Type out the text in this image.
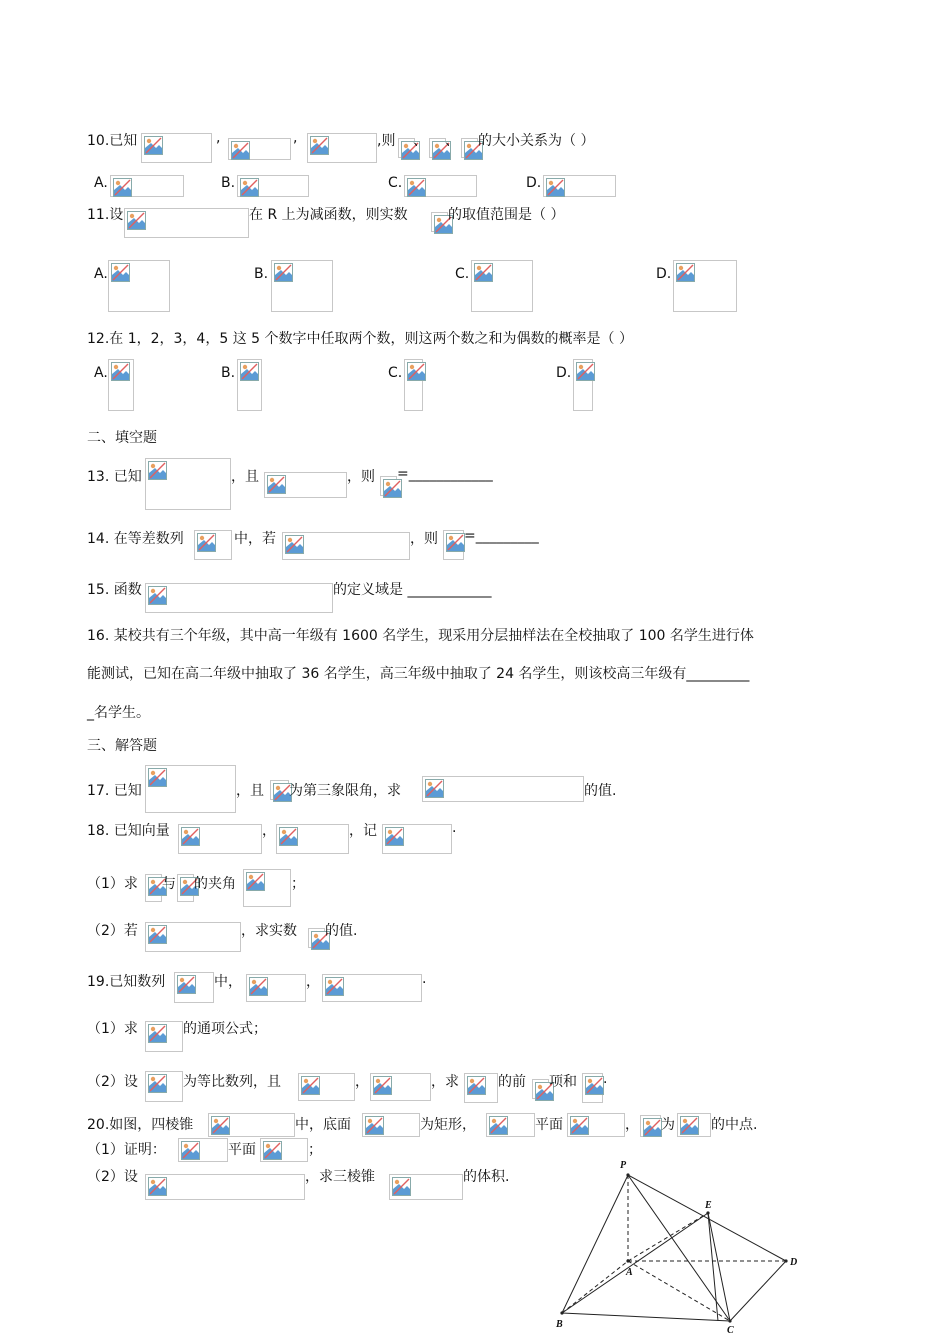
10.已知	,	,	,则 、 、 的大小关系为（ ）
A.	B.	C.	D.
11.设	在 R 上为减函数，则实数	的取值范围是（ ）
A.	B.	C.	D.
12.在 1，2，3，4，5 这 5 个数字中任取两个数，则这两个数之和为偶数的概率是（ ）
A.	B.	C.	D.
二、填空题
13. 已知	，且	，则 =____________
14. 在等差数列	中，若	，则 =_________
15. 函数	的定义域是 ____________
16. 某校共有三个年级，其中高一年级有 1600 名学生，现采用分层抽样法在全校抽取了 100 名学生进行体
能测试，已知在高二年级中抽取了 36 名学生，高三年级中抽取了 24 名学生，则该校高三年级有_________
_名学生。
三、解答题
17. 已知	，且 为第三象限角，求	的值.
18. 已知向量	，	，记	.
（1）求 与 的夹角	；
（2）若	，求实数 的值.
19.已知数列	中，	，	.
（1）求	的通项公式；
（2）设	为等比数列，且	，	，求	的前 项和 .
20.如图，四棱锥	中，底面	为矩形，	平面	， 为	的中点.
（1）证明：	平面	；
（2）设	，求三棱锥	的体积.
P
E
D
A
B
C
